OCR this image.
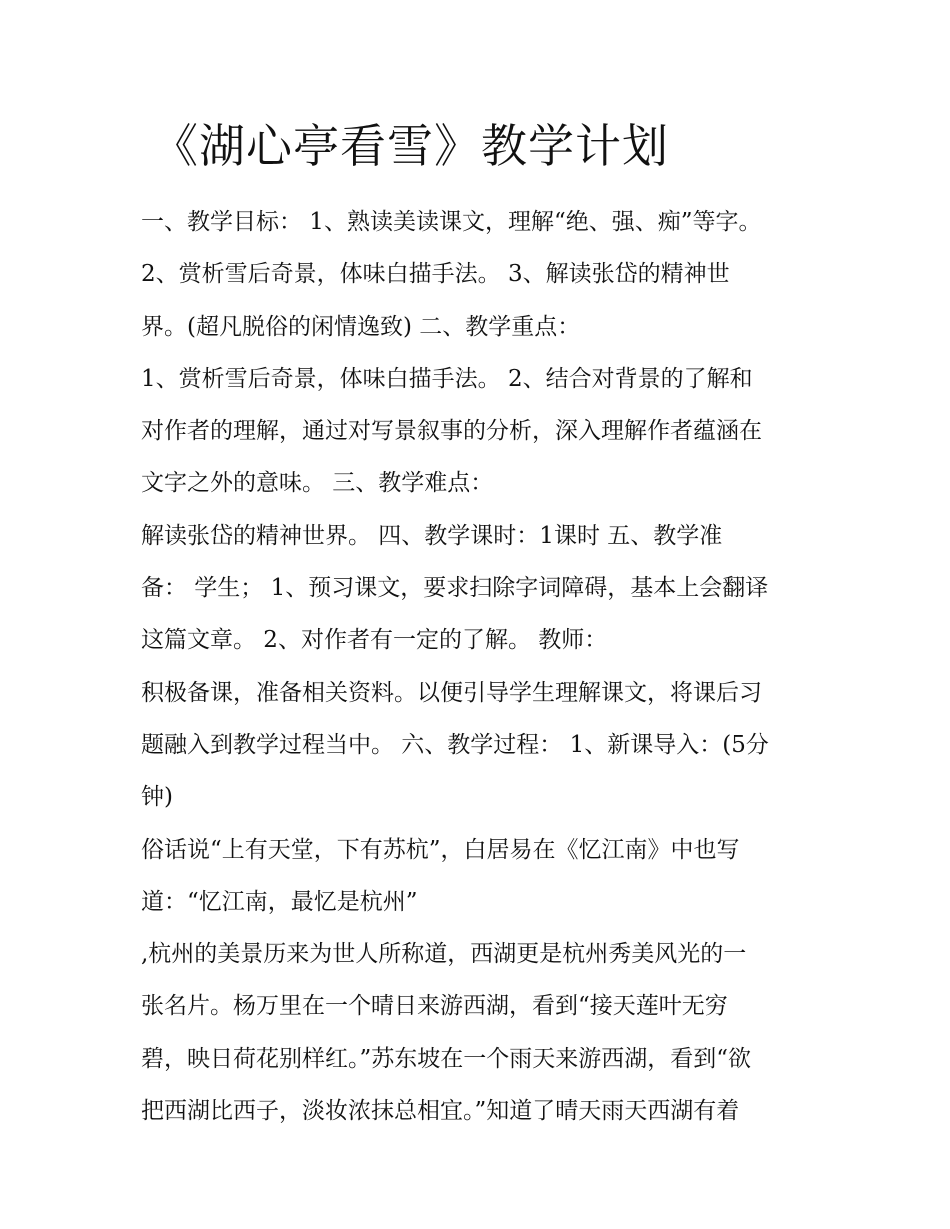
《湖心亭看雪》教学计划
一、教学目标： 1、熟读美读课文，理解“绝、强、痴”等字。
2、赏析雪后奇景，体味白描手法。 3、解读张岱的精神世
界。(超凡脱俗的闲情逸致) 二、教学重点：
1、赏析雪后奇景，体味白描手法。 2、结合对背景的了解和
对作者的理解，通过对写景叙事的分析，深入理解作者蕴涵在
文字之外的意味。 三、教学难点：
解读张岱的精神世界。 四、教学课时：1课时 五、教学准
备： 学生； 1、预习课文，要求扫除字词障碍，基本上会翻译
这篇文章。 2、对作者有一定的了解。 教师：
积极备课，准备相关资料。以便引导学生理解课文，将课后习
题融入到教学过程当中。 六、教学过程： 1、新课导入：(5分
钟)
俗话说“上有天堂，下有苏杭”，白居易在《忆江南》中也写
道：“忆江南，最忆是杭州”
,杭州的美景历来为世人所称道，西湖更是杭州秀美风光的一
张名片。杨万里在一个晴日来游西湖，看到“接天莲叶无穷
碧，映日荷花别样红。”苏东坡在一个雨天来游西湖，看到“欲
把西湖比西子，淡妆浓抹总相宜。”知道了晴天雨天西湖有着
